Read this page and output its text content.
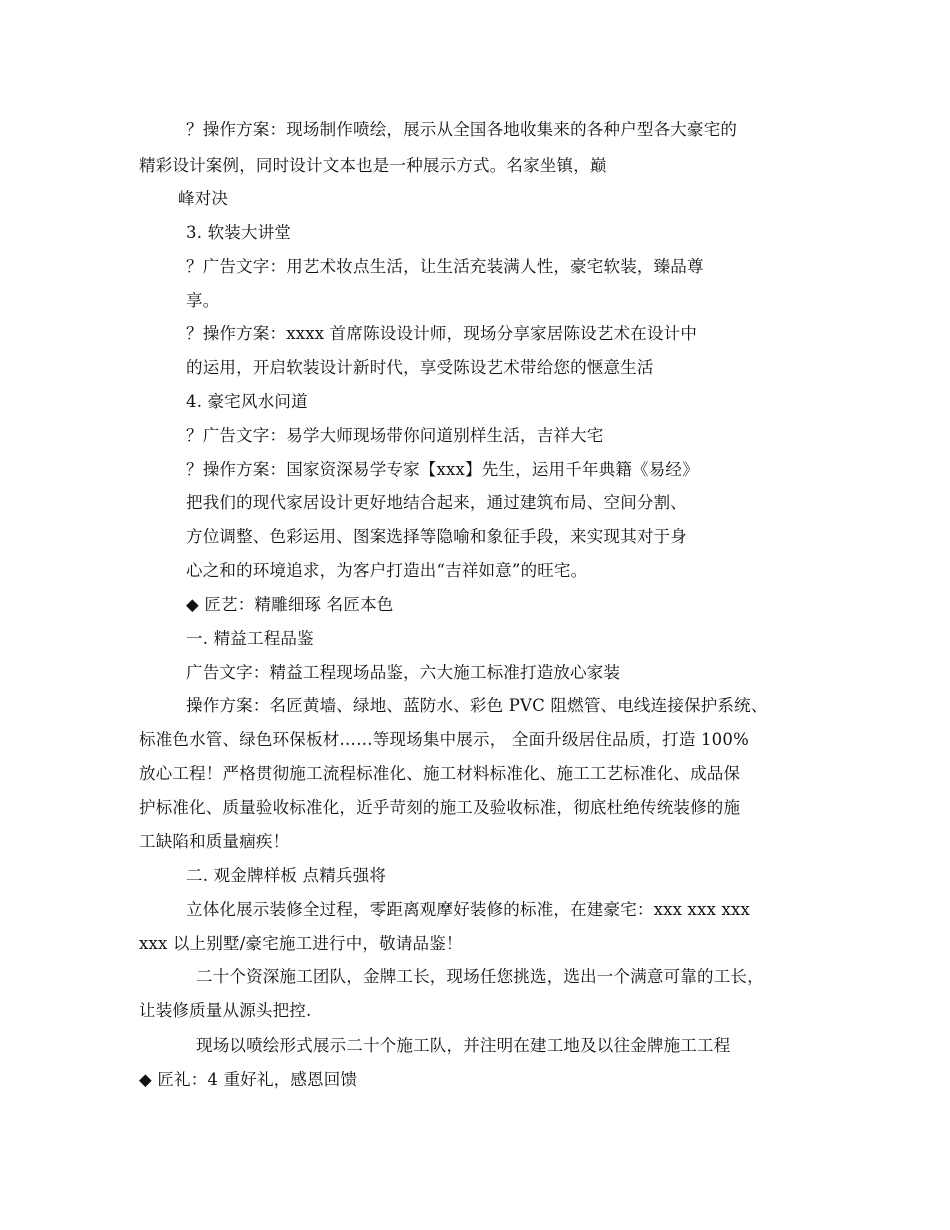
？操作方案：现场制作喷绘，展示从全国各地收集来的各种户型各大豪宅的
精彩设计案例，同时设计文本也是一种展示方式。名家坐镇，巅
峰对决
3. 软装大讲堂
？广告文字：用艺术妆点生活，让生活充装满人性，豪宅软装，臻品尊
享。
？操作方案：xxxx 首席陈设设计师，现场分享家居陈设艺术在设计中
的运用，开启软装设计新时代，享受陈设艺术带给您的惬意生活
4. 豪宅风水问道
？广告文字：易学大师现场带你问道别样生活，吉祥大宅
？操作方案：国家资深易学专家【xxx】先生，运用千年典籍《易经》
把我们的现代家居设计更好地结合起来，通过建筑布局、空间分割、
方位调整、色彩运用、图案选择等隐喻和象征手段，来实现其对于身
心之和的环境追求，为客户打造出“吉祥如意”的旺宅。
◆ 匠艺：精雕细琢 名匠本色
一. 精益工程品鉴
广告文字：精益工程现场品鉴，六大施工标准打造放心家装
操作方案：名匠黄墙、绿地、蓝防水、彩色 PVC 阻燃管、电线连接保护系统、
标准色水管、绿色环保板材……等现场集中展示， 全面升级居住品质，打造 100%
放心工程！严格贯彻施工流程标准化、施工材料标准化、施工工艺标准化、成品保
护标准化、质量验收标准化，近乎苛刻的施工及验收标准，彻底杜绝传统装修的施
工缺陷和质量痼疾！
二. 观金牌样板 点精兵强将
立体化展示装修全过程，零距离观摩好装修的标准，在建豪宅：xxx xxx xxx
xxx 以上别墅/豪宅施工进行中，敬请品鉴！
二十个资深施工团队，金牌工长，现场任您挑选，选出一个满意可靠的工长，
让装修质量从源头把控.
现场以喷绘形式展示二十个施工队，并注明在建工地及以往金牌施工工程
◆ 匠礼：4 重好礼，感恩回馈
